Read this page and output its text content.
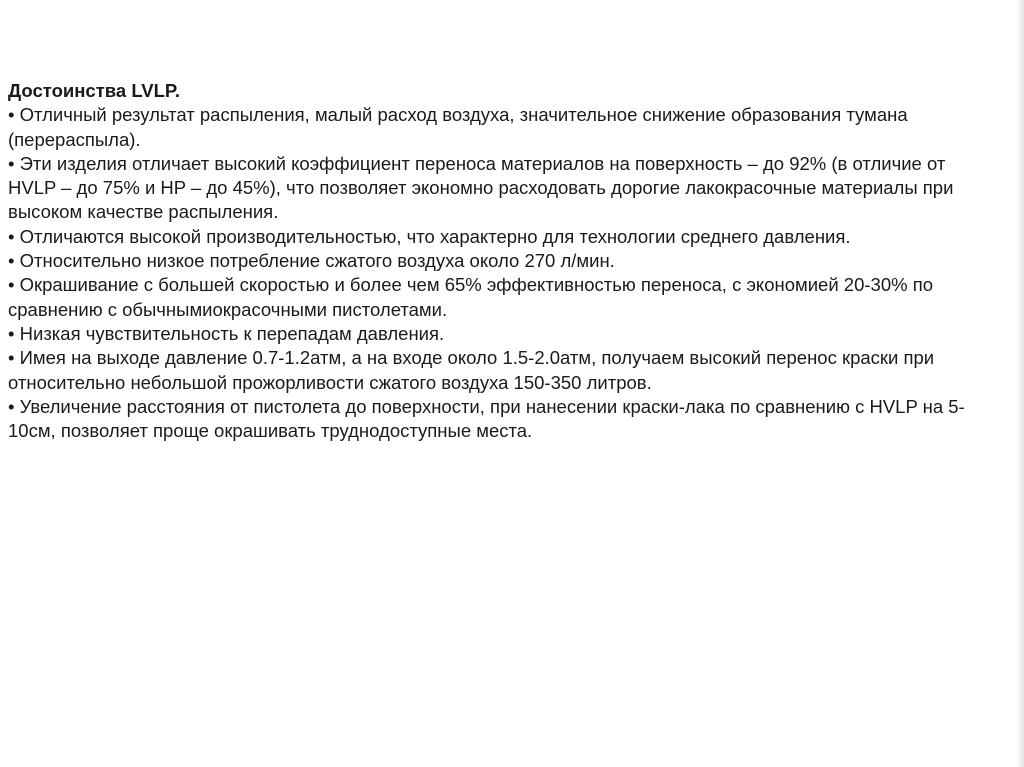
Достоинства LVLP.

• Отличный результат распыления, малый расход воздуха, значительное снижение образования тумана (перераспыла).
• Эти изделия отличает высокий коэффициент переноса материалов на поверхность – до 92% (в отличие от HVLP – до 75% и HP – до 45%), что позволяет экономно расходовать дорогие лакокрасочные материалы при высоком качестве распыления.
• Отличаются высокой производительностью, что характерно для технологии среднего давления.
• Относительно низкое потребление сжатого воздуха около 270 л/мин.
• Окрашивание с большей скоростью и более чем 65% эффективностью переноса, с экономией 20-30% по сравнению с обычнымиокрасочными пистолетами.
• Низкая чувствительность к перепадам давления.
• Имея на выходе давление 0.7-1.2атм, а на входе около 1.5-2.0атм, получаем высокий перенос краски при относительно небольшой прожорливости сжатого воздуха 150-350 литров.
• Увеличение расстояния от пистолета до поверхности, при нанесении краски-лака по сравнению с HVLP на 5-10см, позволяет проще окрашивать труднодоступные места.
